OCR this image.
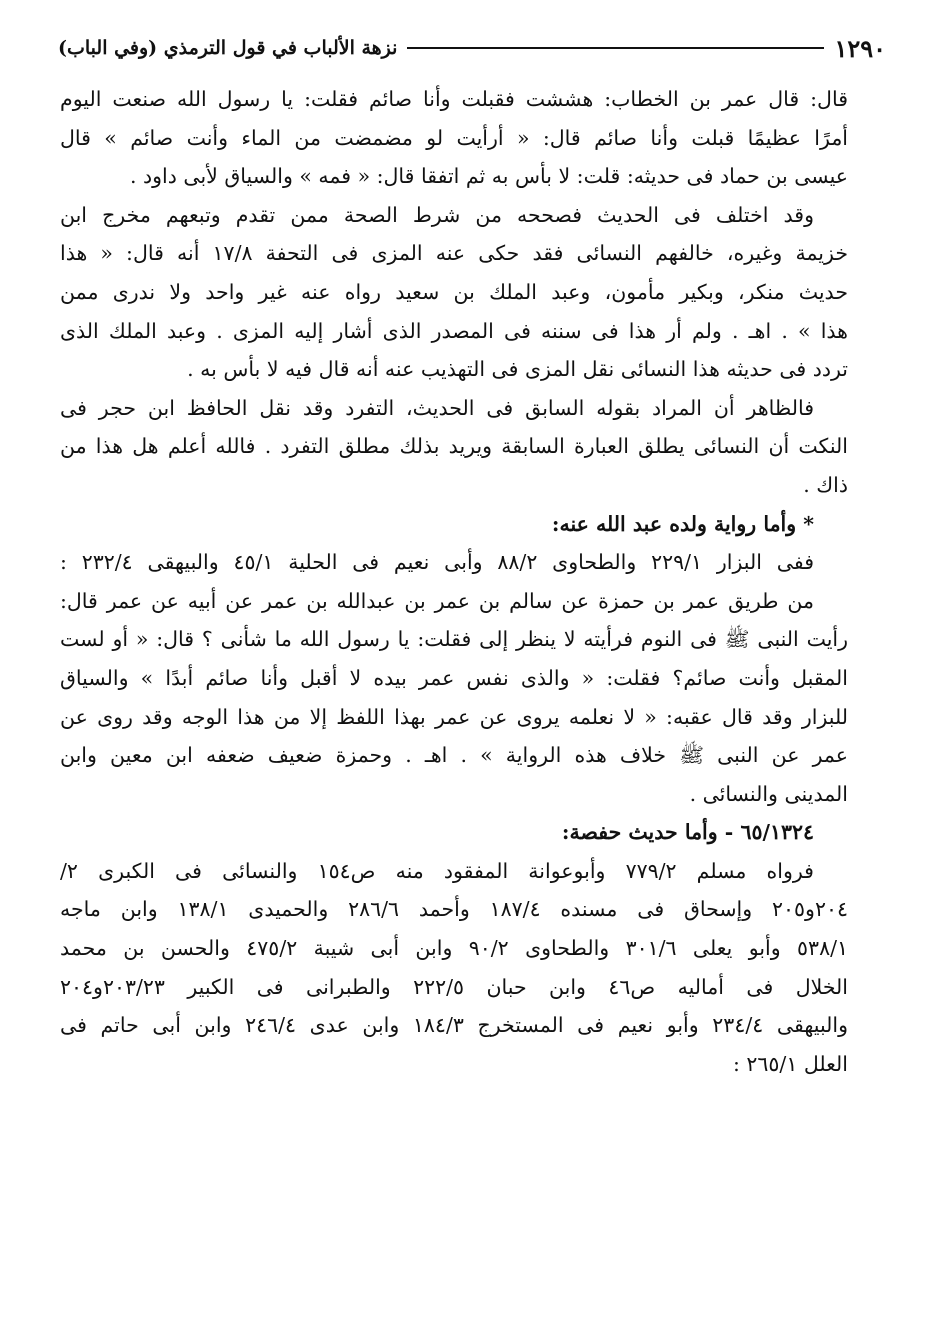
١٢٩٠
نزهة الألباب في قول الترمذي (وفي الباب)
قال: قال عمر بن الخطاب: هششت فقبلت وأنا صائم فقلت: يا رسول الله صنعت اليوم
أمرًا عظيمًا قبلت وأنا صائم قال: « أرأيت لو مضمضت من الماء وأنت صائم » قال
عيسى بن حماد فى حديثه: قلت: لا بأس به ثم اتفقا قال: « فمه » والسياق لأبى داود .
وقد اختلف فى الحديث فصححه من شرط الصحة ممن تقدم وتبعهم مخرج ابن
خزيمة وغيره، خالفهم النسائى فقد حكى عنه المزى فى التحفة ١٧/٨ أنه قال: « هذا
حديث منكر، وبكير مأمون، وعبد الملك بن سعيد رواه عنه غير واحد ولا ندرى ممن
هذا » . اهـ . ولم أر هذا فى سننه فى المصدر الذى أشار إليه المزى . وعبد الملك الذى
تردد فى حديثه هذا النسائى نقل المزى فى التهذيب عنه أنه قال فيه لا بأس به .
فالظاهر أن المراد بقوله السابق فى الحديث، التفرد وقد نقل الحافظ ابن حجر فى
النكت أن النسائى يطلق العبارة السابقة ويريد بذلك مطلق التفرد . فالله أعلم هل هذا من
ذاك .
* وأما رواية ولده عبد الله عنه:
ففى البزار ٢٢٩/١ والطحاوى ٨٨/٢ وأبى نعيم فى الحلية ٤٥/١ والبيهقى ٢٣٢/٤ :
من طريق عمر بن حمزة عن سالم بن عمر بن عبدالله بن عمر عن أبيه عن عمر قال:
رأيت النبى ﷺ فى النوم فرأيته لا ينظر إلى فقلت: يا رسول الله ما شأنى ؟ قال: « أو لست
المقبل وأنت صائم؟ فقلت: « والذى نفس عمر بيده لا أقبل وأنا صائم أبدًا » والسياق
للبزار وقد قال عقبه: « لا نعلمه يروى عن عمر بهذا اللفظ إلا من هذا الوجه وقد روى عن
عمر عن النبى ﷺ خلاف هذه الرواية » . اهـ . وحمزة ضعيف ضعفه ابن معين وابن
المدينى والنسائى .
٦٥/١٣٢٤ - وأما حديث حفصة:
فرواه مسلم ٧٧٩/٢ وأبوعوانة المفقود منه ص١٥٤ والنسائى فى الكبرى ٢/
٢٠٤و٢٠٥ وإسحاق فى مسنده ١٨٧/٤ وأحمد ٢٨٦/٦ والحميدى ١٣٨/١ وابن ماجه
٥٣٨/١ وأبو يعلى ٣٠١/٦ والطحاوى ٩٠/٢ وابن أبى شيبة ٤٧٥/٢ والحسن بن محمد
الخلال فى أماليه ص٤٦ وابن حبان ٢٢٢/٥ والطبرانى فى الكبير ٢٠٣/٢٣و٢٠٤
والبيهقى ٢٣٤/٤ وأبو نعيم فى المستخرج ١٨٤/٣ وابن عدى ٢٤٦/٤ وابن أبى حاتم فى
العلل ٢٦٥/١ :
